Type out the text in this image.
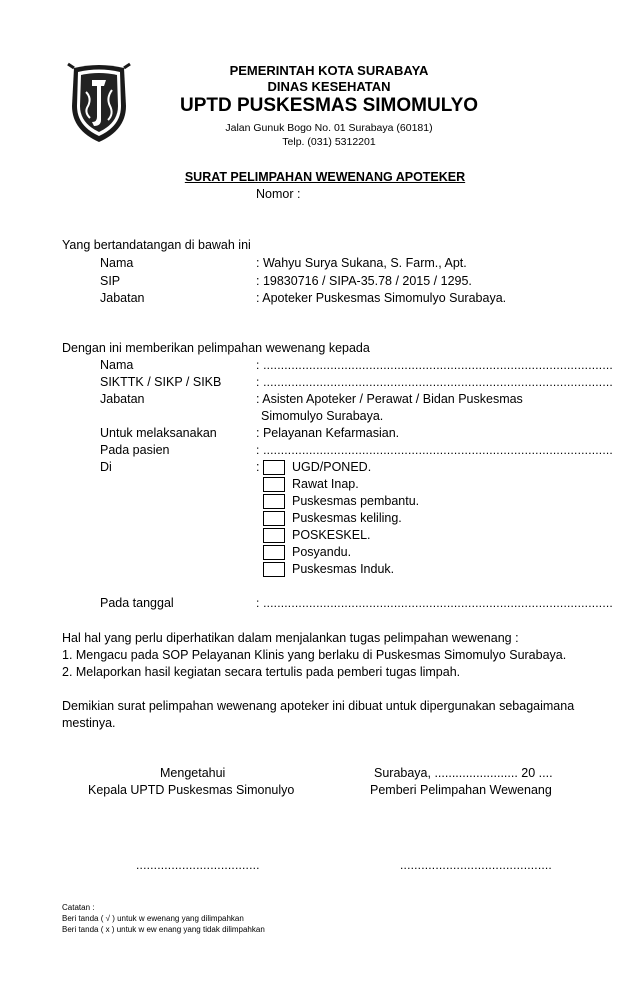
PEMERINTAH KOTA SURABAYA
DINAS KESEHATAN
UPTD PUSKESMAS SIMOMULYO
Jalan Gunuk Bogo No. 01 Surabaya (60181)
Telp. (031) 5312201
SURAT PELIMPAHAN WEWENANG APOTEKER
Nomor :
Yang bertandatangan di bawah ini
Nama	: Wahyu Surya Sukana, S. Farm., Apt.
SIP	: 19830716 / SIPA-35.78 / 2015 / 1295.
Jabatan	: Apoteker Puskesmas Simomulyo Surabaya.
Dengan ini memberikan pelimpahan wewenang kepada
Nama	: ...................................................................................................
SIKTTK / SIKP / SIKB	: ...................................................................................................
Jabatan	: Asisten Apoteker / Perawat / Bidan Puskesmas
Simomulyo Surabaya.
Untuk melaksanakan	: Pelayanan Kefarmasian.
Pada pasien	: ...................................................................................................
Di	:	UGD/PONED.
Rawat Inap.
Puskesmas pembantu.
Puskesmas keliling.
POSKESKEL.
Posyandu.
Puskesmas Induk.
Pada tanggal	: ...................................................................................................
Hal hal yang perlu diperhatikan dalam menjalankan tugas pelimpahan wewenang :
1. Mengacu pada SOP Pelayanan Klinis yang berlaku di Puskesmas Simomulyo Surabaya.
2. Melaporkan hasil kegiatan secara tertulis pada pemberi tugas limpah.
Demikian surat pelimpahan wewenang apoteker ini dibuat untuk dipergunakan sebagaimana
mestinya.
Mengetahui
Kepala UPTD Puskesmas Simonulyo
...................................
Surabaya, ........................ 20 ....
Pemberi Pelimpahan Wewenang
...........................................
Catatan :
Beri tanda ( √ ) untuk w ewenang yang dilimpahkan
Beri tanda ( x ) untuk w ew enang yang tidak dilimpahkan
